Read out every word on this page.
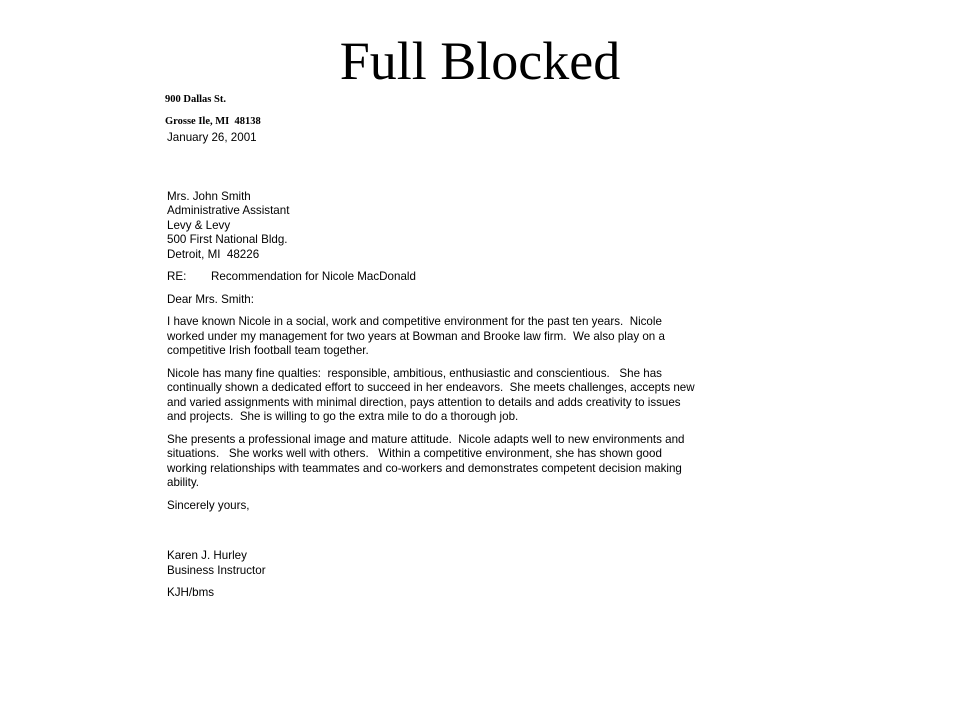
Full Blocked
900 Dallas St.
Grosse Ile, MI  48138
January 26, 2001
Mrs. John Smith
Administrative Assistant
Levy & Levy
500 First National Bldg.
Detroit, MI  48226
RE: Recommendation for Nicole MacDonald
Dear Mrs. Smith:
I have known Nicole in a social, work and competitive environment for the past ten years.  Nicole
worked under my management for two years at Bowman and Brooke law firm.  We also play on a
competitive Irish football team together.
Nicole has many fine qualties:  responsible, ambitious, enthusiastic and conscientious.   She has
continually shown a dedicated effort to succeed in her endeavors.  She meets challenges, accepts new
and varied assignments with minimal direction, pays attention to details and adds creativity to issues
and projects.  She is willing to go the extra mile to do a thorough job.
She presents a professional image and mature attitude.  Nicole adapts well to new environments and
situations.   She works well with others.   Within a competitive environment, she has shown good
working relationships with teammates and co-workers and demonstrates competent decision making
ability.
Sincerely yours,
Karen J. Hurley
Business Instructor
KJH/bms
